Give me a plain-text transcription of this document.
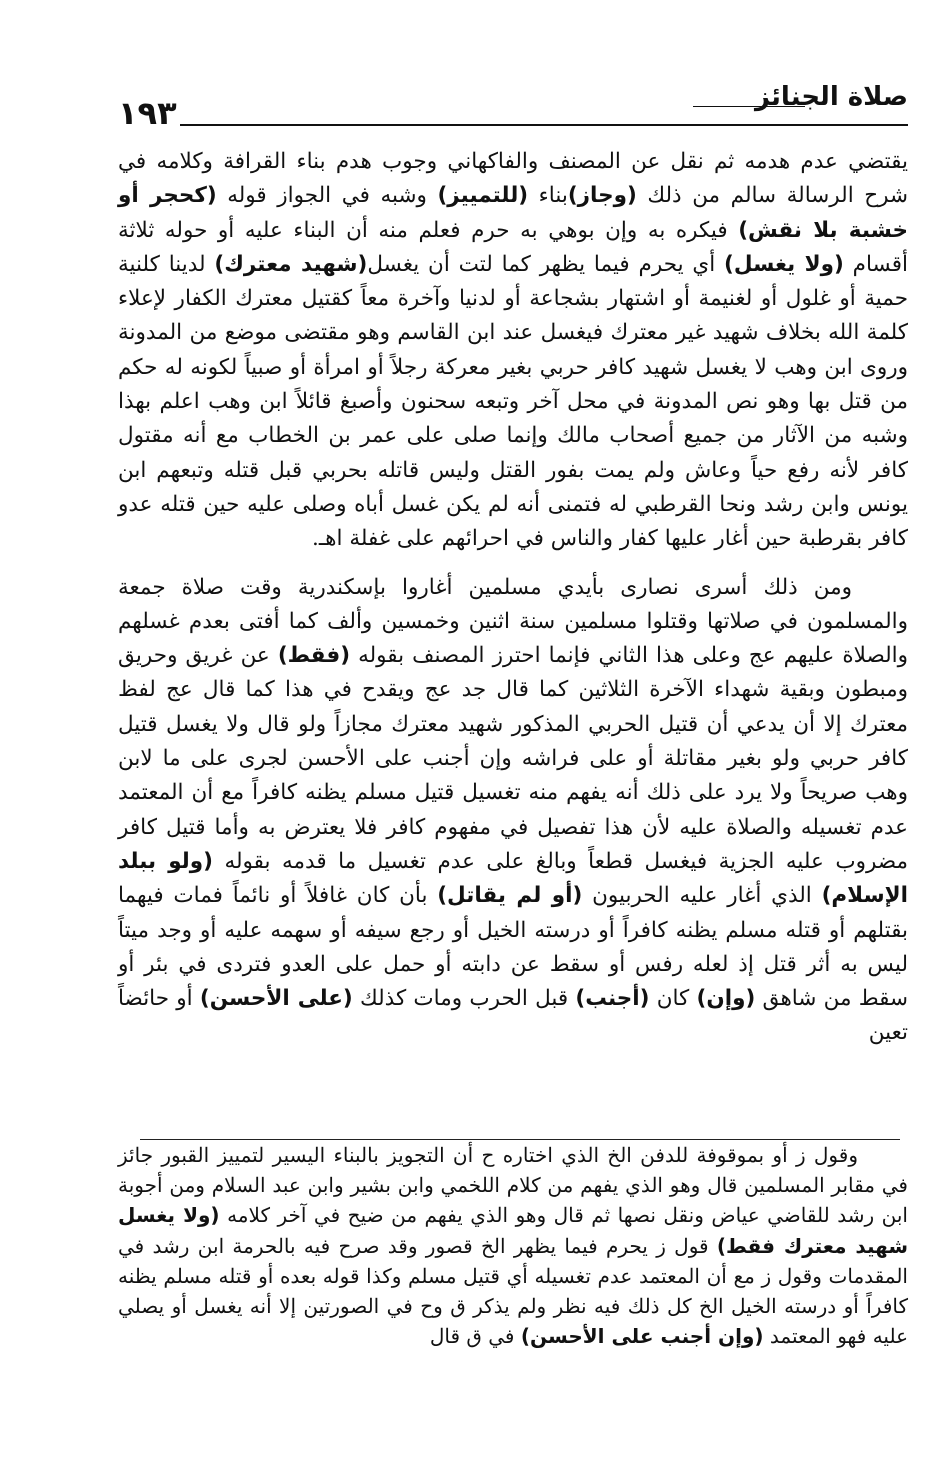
١٩٣	صلاة الجنائز

يقتضي عدم هدمه ثم نقل عن المصنف والفاكهاني وجوب هدم بناء القرافة وكلامه في شرح الرسالة سالم من ذلك (وجاز)بناء (للتمييز) وشبه في الجواز قوله (كحجر أو خشبة بلا نقش) فيكره به وإن بوهي به حرم فعلم منه أن البناء عليه أو حوله ثلاثة أقسام (ولا يغسل) أي يحرم فيما يظهر كما لتت أن يغسل(شهيد معترك) لدينا كلنية حمية أو غلول أو لغنيمة أو اشتهار بشجاعة أو لدنيا وآخرة معاً كقتيل معترك الكفار لإعلاء كلمة الله بخلاف شهيد غير معترك فيغسل عند ابن القاسم وهو مقتضى موضع من المدونة وروى ابن وهب لا يغسل شهيد كافر حربي بغير معركة رجلاً أو امرأة أو صبياً لكونه له حكم من قتل بها وهو نص المدونة في محل آخر وتبعه سحنون وأصبغ قائلاً ابن وهب اعلم بهذا وشبه من الآثار من جميع أصحاب مالك وإنما صلى على عمر بن الخطاب مع أنه مقتول كافر لأنه رفع حياً وعاش ولم يمت بفور القتل وليس قاتله بحربي قبل قتله وتبعهم ابن يونس وابن رشد ونحا القرطبي له فتمنى أنه لم يكن غسل أباه وصلى عليه حين قتله عدو كافر بقرطبة حين أغار عليها كفار والناس في احرائهم على غفلة اهـ.

ومن ذلك أسرى نصارى بأيدي مسلمين أغاروا بإسكندرية وقت صلاة جمعة والمسلمون في صلاتها وقتلوا مسلمين سنة اثنين وخمسين وألف كما أفتى بعدم غسلهم والصلاة عليهم عج وعلى هذا الثاني فإنما احترز المصنف بقوله (فقط) عن غريق وحريق ومبطون وبقية شهداء الآخرة الثلاثين كما قال جد عج ويقدح في هذا كما قال عج لفظ معترك إلا أن يدعي أن قتيل الحربي المذكور شهيد معترك مجازاً ولو قال ولا يغسل قتيل كافر حربي ولو بغير مقاتلة أو على فراشه وإن أجنب على الأحسن لجرى على ما لابن وهب صريحاً ولا يرد على ذلك أنه يفهم منه تغسيل قتيل مسلم يظنه كافراً مع أن المعتمد عدم تغسيله والصلاة عليه لأن هذا تفصيل في مفهوم كافر فلا يعترض به وأما قتيل كافر مضروب عليه الجزية فيغسل قطعاً وبالغ على عدم تغسيل ما قدمه بقوله (ولو ببلد الإسلام) الذي أغار عليه الحربيون (أو لم يقاتل) بأن كان غافلاً أو نائماً فمات فيهما بقتلهم أو قتله مسلم يظنه كافراً أو درسته الخيل أو رجع سيفه أو سهمه عليه أو وجد ميتاً ليس به أثر قتل إذ لعله رفس أو سقط عن دابته أو حمل على العدو فتردى في بئر أو سقط من شاهق (وإن) كان (أجنب) قبل الحرب ومات كذلك (على الأحسن) أو حائضاً تعين

وقول ز أو بموقوفة للدفن الخ الذي اختاره ح أن التجويز بالبناء اليسير لتمييز القبور جائز في مقابر المسلمين قال وهو الذي يفهم من كلام اللخمي وابن بشير وابن عبد السلام ومن أجوبة ابن رشد للقاضي عياض ونقل نصها ثم قال وهو الذي يفهم من ضيح في آخر كلامه (ولا يغسل شهيد معترك فقط) قول ز يحرم فيما يظهر الخ قصور وقد صرح فيه بالحرمة ابن رشد في المقدمات وقول ز مع أن المعتمد عدم تغسيله أي قتيل مسلم وكذا قوله بعده أو قتله مسلم يظنه كافراً أو درسته الخيل الخ كل ذلك فيه نظر ولم يذكر ق وح في الصورتين إلا أنه يغسل أو يصلي عليه فهو المعتمد (وإن أجنب على الأحسن) في ق قال
